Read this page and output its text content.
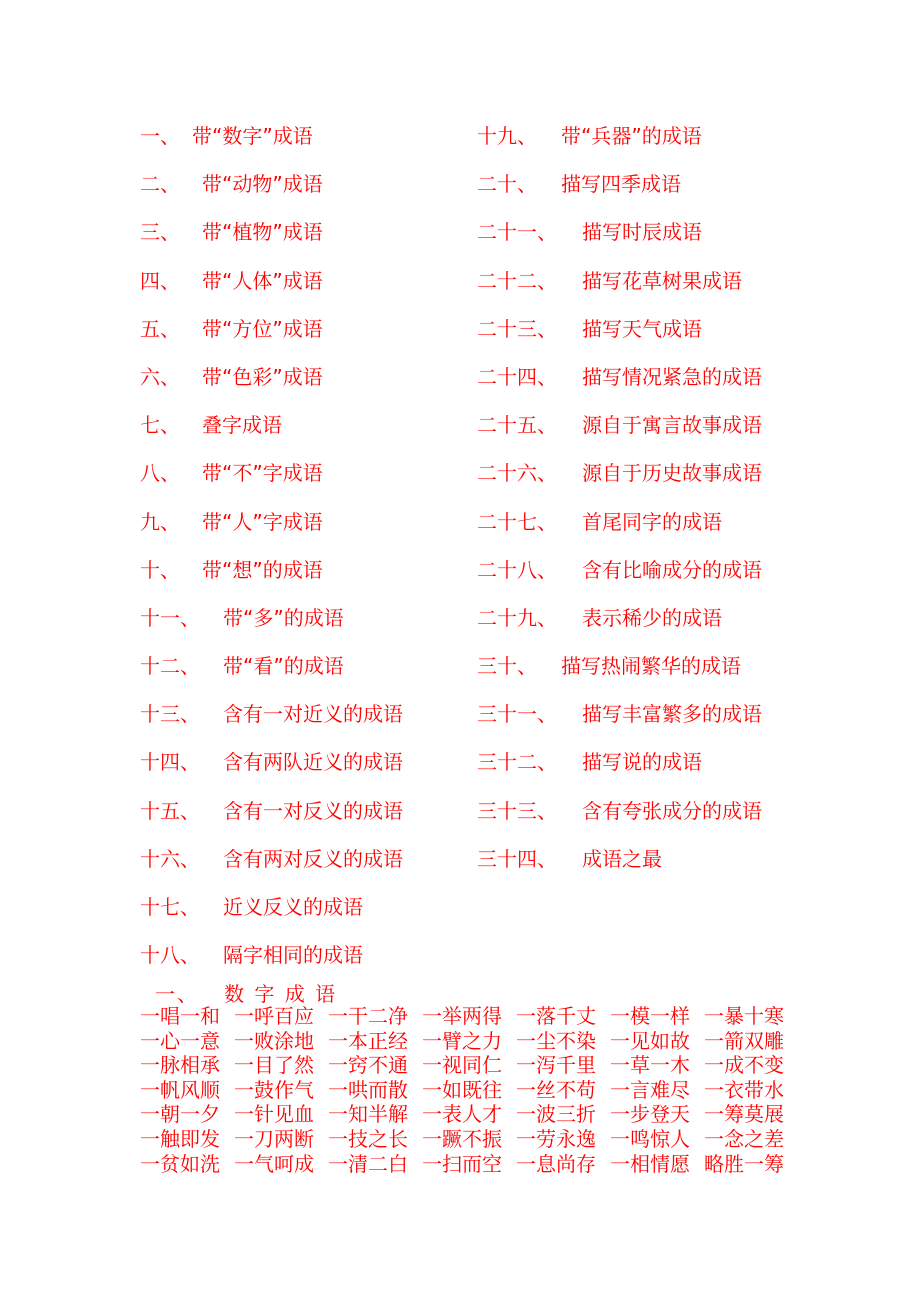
一、 带“数字”成语
二、	带“动物”成语
三、	带“植物”成语
四、	带“人体”成语
五、	带“方位”成语
六、	带“色彩”成语
七、	叠字成语
八、	带“不”字成语
九、	带“人”字成语
十、	带“想”的成语
十一、	带“多”的成语
十二、	带“看”的成语
十三、	含有一对近义的成语
十四、	含有两队近义的成语
十五、	含有一对反义的成语
十六、	含有两对反义的成语
十七、	近义反义的成语
十八、	隔字相同的成语
十九、	带“兵器”的成语
二十、	描写四季成语
二十一、	描写时辰成语
二十二、	描写花草树果成语
二十三、	描写天气成语
二十四、	描写情况紧急的成语
二十五、	源自于寓言故事成语
二十六、	源自于历史故事成语
二十七、	首尾同字的成语
二十八、	含有比喻成分的成语
二十九、	表示稀少的成语
三十、	描写热闹繁华的成语
三十一、	描写丰富繁多的成语
三十二、	描写说的成语
三十三、	含有夸张成分的成语
三十四、	成语之最
一、   数 字 成 语
一唱一和 一呼百应 一干二净 一举两得 一落千丈 一模一样 一暴十寒
一心一意 一败涂地 一本正经 一臂之力 一尘不染 一见如故 一箭双雕
一脉相承 一目了然 一窍不通 一视同仁 一泻千里 一草一木 一成不变
一帆风顺 一鼓作气 一哄而散 一如既往 一丝不苟 一言难尽 一衣带水
一朝一夕 一针见血 一知半解 一表人才 一波三折 一步登天 一筹莫展
一触即发 一刀两断 一技之长 一蹶不振 一劳永逸 一鸣惊人 一念之差
一贫如洗 一气呵成 一清二白 一扫而空 一息尚存 一相情愿 略胜一筹
